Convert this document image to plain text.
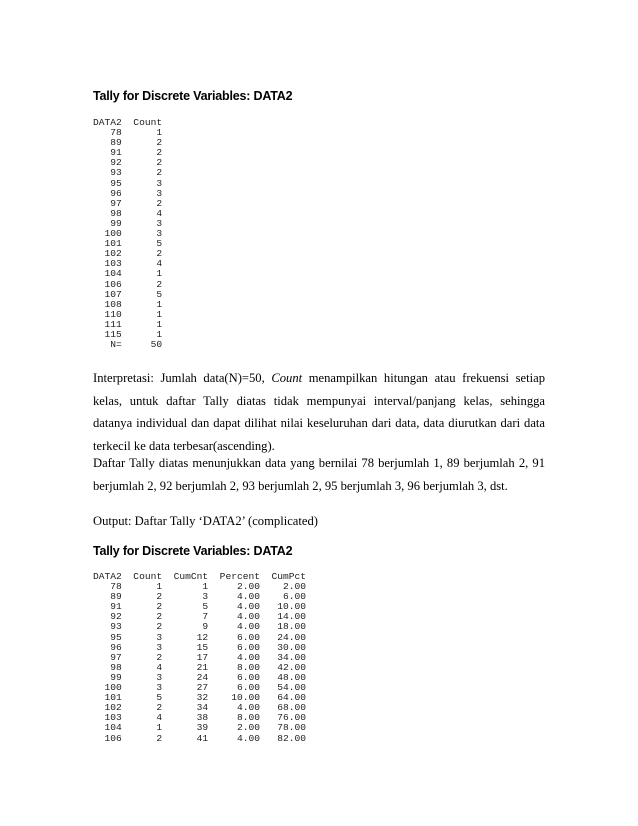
Tally for Discrete Variables: DATA2
DATA2  Count
78      1
89      2
91      2
92      2
93      2
95      3
96      3
97      2
98      4
99      3
100      3
101      5
102      2
103      4
104      1
106      2
107      5
108      1
110      1
111      1
115      1
N=     50

Interpretasi: Jumlah data(N)=50, Count menampilkan hitungan atau frekuensi setiap kelas, untuk daftar Tally diatas tidak mempunyai interval/panjang kelas, sehingga datanya individual dan dapat dilihat nilai keseluruhan dari data, data diurutkan dari data terkecil ke data terbesar(ascending).

Daftar Tally diatas menunjukkan data yang bernilai 78 berjumlah 1, 89 berjumlah 2, 91 berjumlah 2, 92 berjumlah 2, 93 berjumlah 2, 95 berjumlah 3, 96 berjumlah 3, dst.

Output: Daftar Tally ‘DATA2’ (complicated)
Tally for Discrete Variables: DATA2
DATA2  Count  CumCnt  Percent  CumPct
78      1       1     2.00    2.00
89      2       3     4.00    6.00
91      2       5     4.00   10.00
92      2       7     4.00   14.00
93      2       9     4.00   18.00
95      3      12     6.00   24.00
96      3      15     6.00   30.00
97      2      17     4.00   34.00
98      4      21     8.00   42.00
99      3      24     6.00   48.00
100      3      27     6.00   54.00
101      5      32    10.00   64.00
102      2      34     4.00   68.00
103      4      38     8.00   76.00
104      1      39     2.00   78.00
106      2      41     4.00   82.00
